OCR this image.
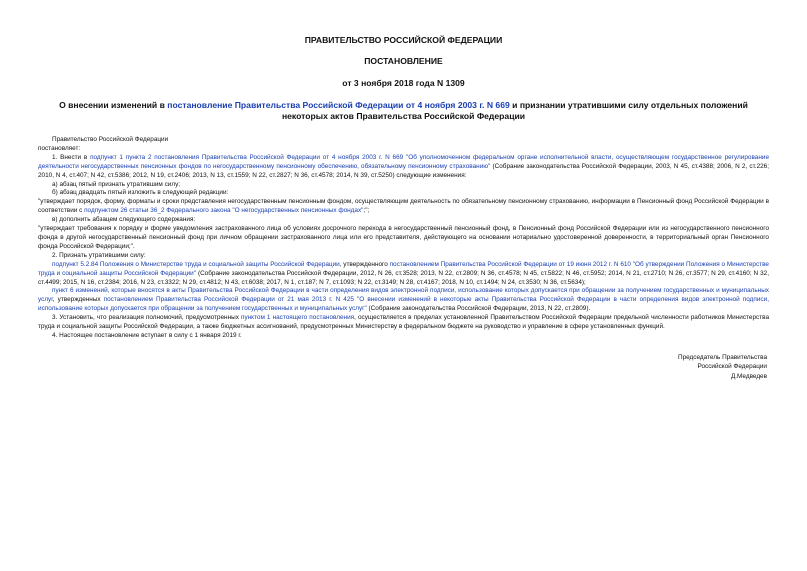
ПРАВИТЕЛЬСТВО РОССИЙСКОЙ ФЕДЕРАЦИИ
ПОСТАНОВЛЕНИЕ
от 3 ноября 2018 года N 1309
О внесении изменений в постановление Правительства Российской Федерации от 4 ноября 2003 г. N 669 и признании утратившими силу отдельных положений некоторых актов Правительства Российской Федерации

Правительство Российской Федерации

постановляет:

1. Внести в подпункт 1 пункта 2 постановления Правительства Российской Федерации от 4 ноября 2003 г. N 669 "Об уполномоченном федеральном органе исполнительной власти, осуществляющем государственное регулирование деятельности негосударственных пенсионных фондов по негосударственному пенсионному обеспечению, обязательному пенсионному страхованию" (Собрание законодательства Российской Федерации, 2003, N 45, ст.4388; 2006, N 2, ст.226; 2010, N 4, ст.407; N 42, ст.5386; 2012, N 19, ст.2406; 2013, N 13, ст.1559; N 22, ст.2827; N 36, ст.4578; 2014, N 39, ст.5250) следующие изменения:

а) абзац пятый признать утратившим силу;

б) абзац двадцать пятый изложить в следующей редакции:

"утверждает порядок, форму, форматы и сроки представления негосударственным пенсионным фондом, осуществляющим деятельность по обязательному пенсионному страхованию, информации в Пенсионный фонд Российской Федерации в соответствии с подпунктом 26 статьи 36_2 Федерального закона "О негосударственных пенсионных фондах";";

в) дополнить абзацем следующего содержания:

"утверждает требования к порядку и форме уведомления застрахованного лица об условиях досрочного перехода в негосударственный пенсионный фонд, в Пенсионный фонд Российской Федерации или из негосударственного пенсионного фонда в другой негосударственный пенсионный фонд при личном обращении застрахованного лица или его представителя, действующего на основании нотариально удостоверенной доверенности, в территориальный орган Пенсионного фонда Российской Федерации;".

2. Признать утратившими силу:

подпункт 5.2.84 Положения о Министерстве труда и социальной защиты Российской Федерации, утвержденного постановлением Правительства Российской Федерации от 19 июня 2012 г. N 610 "Об утверждении Положения о Министерстве труда и социальной защиты Российской Федерации" (Собрание законодательства Российской Федерации, 2012, N 26, ст.3528; 2013, N 22, ст.2809; N 36, ст.4578; N 45, ст.5822; N 46, ст.5952; 2014, N 21, ст.2710; N 26, ст.3577; N 29, ст.4160; N 32, ст.4499; 2015, N 16, ст.2384; 2016, N 23, ст.3322; N 29, ст.4812; N 43, ст.6038; 2017, N 1, ст.187; N 7, ст.1093; N 22, ст.3149; N 28, ст.4167; 2018, N 10, ст.1494; N 24, ст.3530; N 36, ст.5634);

пункт 6 изменений, которые вносятся в акты Правительства Российской Федерации в части определения видов электронной подписи, использование которых допускается при обращении за получением государственных и муниципальных услуг, утвержденных постановлением Правительства Российской Федерации от 21 мая 2013 г. N 425 "О внесении изменений в некоторые акты Правительства Российской Федерации в части определения видов электронной подписи, использование которых допускается при обращении за получением государственных и муниципальных услуг" (Собрание законодательства Российской Федерации, 2013, N 22, ст.2809).

3. Установить, что реализация полномочий, предусмотренных пунктом 1 настоящего постановления, осуществляется в пределах установленной Правительством Российской Федерации предельной численности работников Министерства труда и социальной защиты Российской Федерации, а также бюджетных ассигнований, предусмотренных Министерству в федеральном бюджете на руководство и управление в сфере установленных функций.

4. Настоящее постановление вступает в силу с 1 января 2019 г.

Председатель Правительства
Российской Федерации
Д.Медведев
